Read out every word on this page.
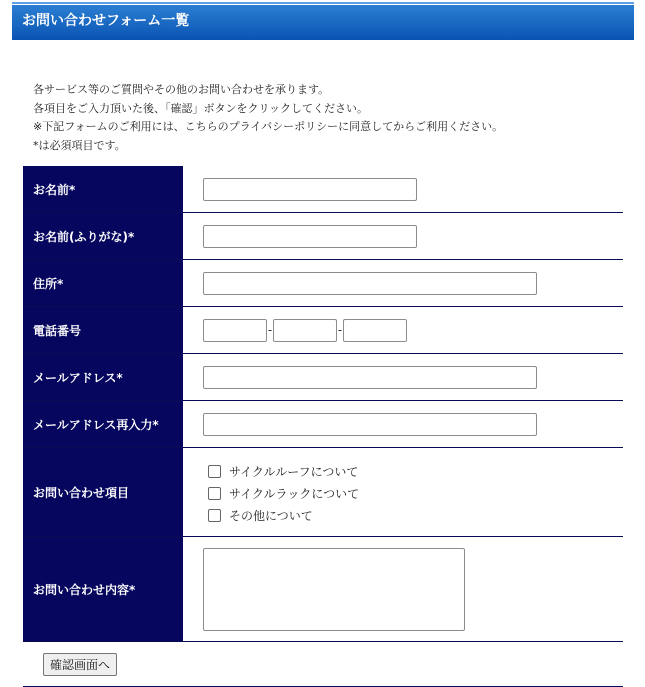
お問い合わせフォーム一覧
各サービス等のご質問やその他のお問い合わせを承ります。
各項目をご入力頂いた後、「確認」ボタンをクリックしてください。
※下記フォームのご利用には、こちらのプライバシーポリシーに同意してからご利用ください。
*は必須項目です。
お名前*
お名前(ふりがな)*
住所*
電話番号	-	-
メールアドレス*
メールアドレス再入力*
お問い合わせ項目
サイクルルーフについて
サイクルラックについて
その他について
お問い合わせ内容*
確認画面へ
